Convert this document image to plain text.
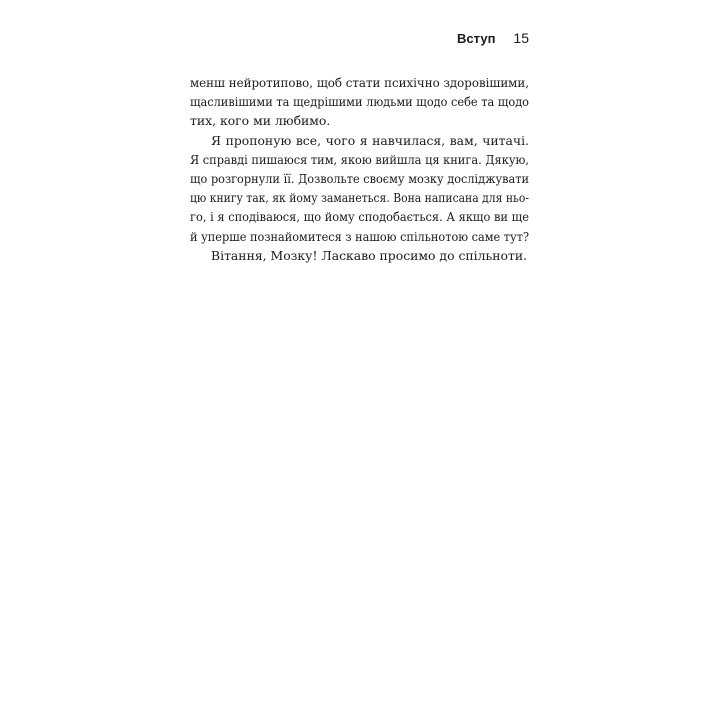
Вступ 15

менш нейротипово, щоб стати психічно здоровішими,
щасливішими та щедрішими людьми щодо себе та щодо
тих, кого ми любимо.

Я пропоную все, чого я навчилася, вам, читачі.
Я справді пишаюся тим, якою вийшла ця книга. Дякую,
що розгорнули її. Дозвольте своєму мозку досліджувати
цю книгу так, як йому заманеться. Вона написана для ньо-
го, і я сподіваюся, що йому сподобається. А якщо ви ще
й уперше познайомитеся з нашою спільнотою саме тут?

Вітання, Мозку! Ласкаво просимо до спільноти.
